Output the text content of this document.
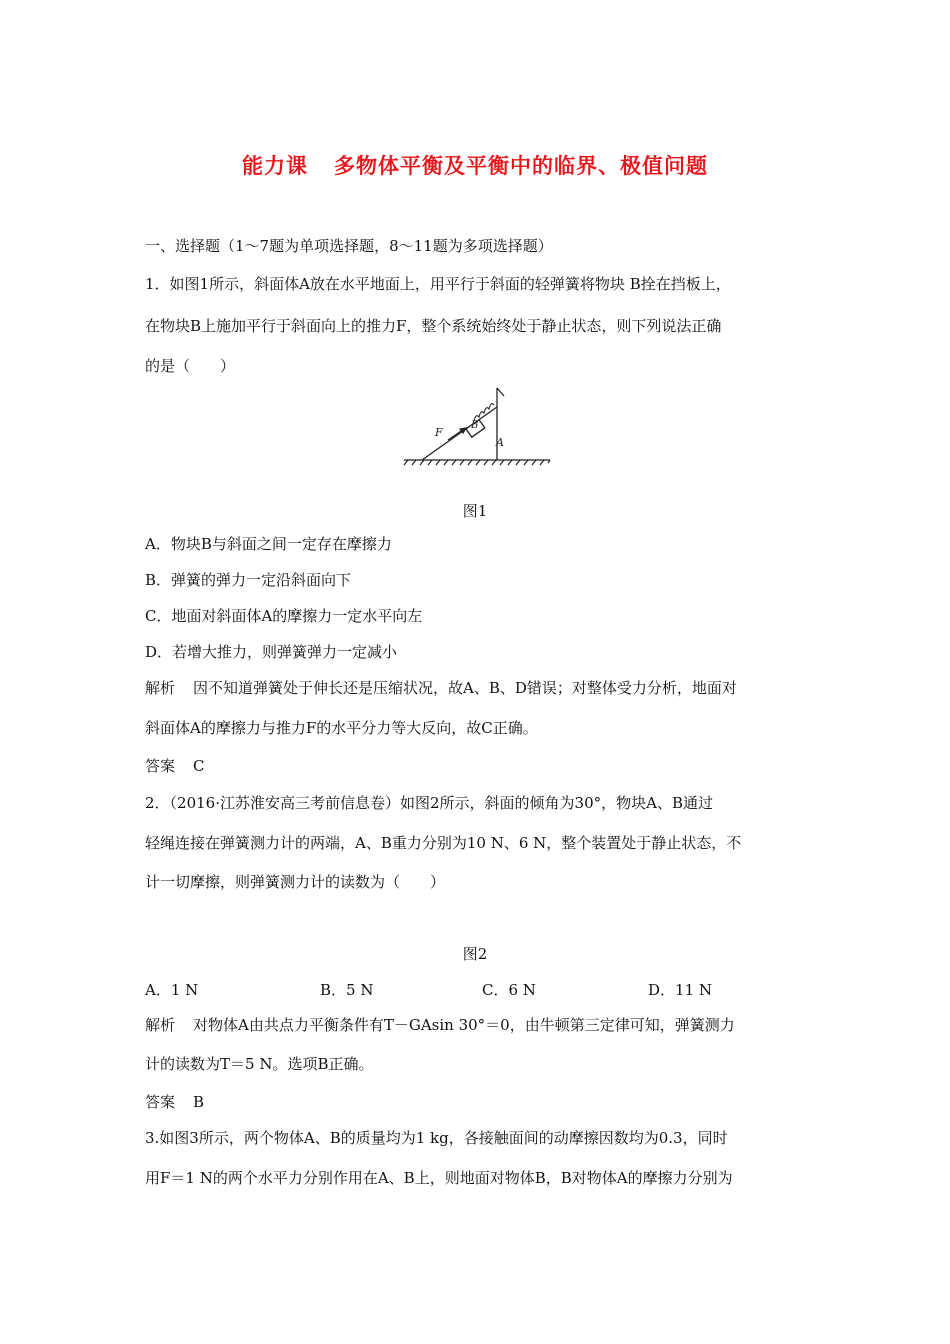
能力课 多物体平衡及平衡中的临界、极值问题
一、选择题（1～7题为单项选择题，8～11题为多项选择题）
1．如图1所示，斜面体A放在水平地面上，用平行于斜面的轻弹簧将物块 B拴在挡板上，
在物块B上施加平行于斜面向上的推力F，整个系统始终处于静止状态，则下列说法正确
的是（　　）
F
B
A
图1
A．物块B与斜面之间一定存在摩擦力
B．弹簧的弹力一定沿斜面向下
C．地面对斜面体A的摩擦力一定水平向左
D．若增大推力，则弹簧弹力一定减小
解析 因不知道弹簧处于伸长还是压缩状况，故A、B、D错误；对整体受力分析，地面对
斜面体A的摩擦力与推力F的水平分力等大反向，故C正确。
答案 C
2．（2016·江苏淮安高三考前信息卷）如图2所示，斜面的倾角为30°，物块A、B通过
轻绳连接在弹簧测力计的两端，A、B重力分别为10 N、6 N，整个装置处于静止状态，不
计一切摩擦，则弹簧测力计的读数为（　　）
图2
A．1 N	B．5 N	C．6 N	D．11 N
解析 对物体A由共点力平衡条件有T－GAsin 30°＝0，由牛顿第三定律可知，弹簧测力
计的读数为T＝5 N。选项B正确。
答案 B
3.如图3所示，两个物体A、B的质量均为1 kg，各接触面间的动摩擦因数均为0.3，同时
用F＝1 N的两个水平力分别作用在A、B上，则地面对物体B，B对物体A的摩擦力分别为
